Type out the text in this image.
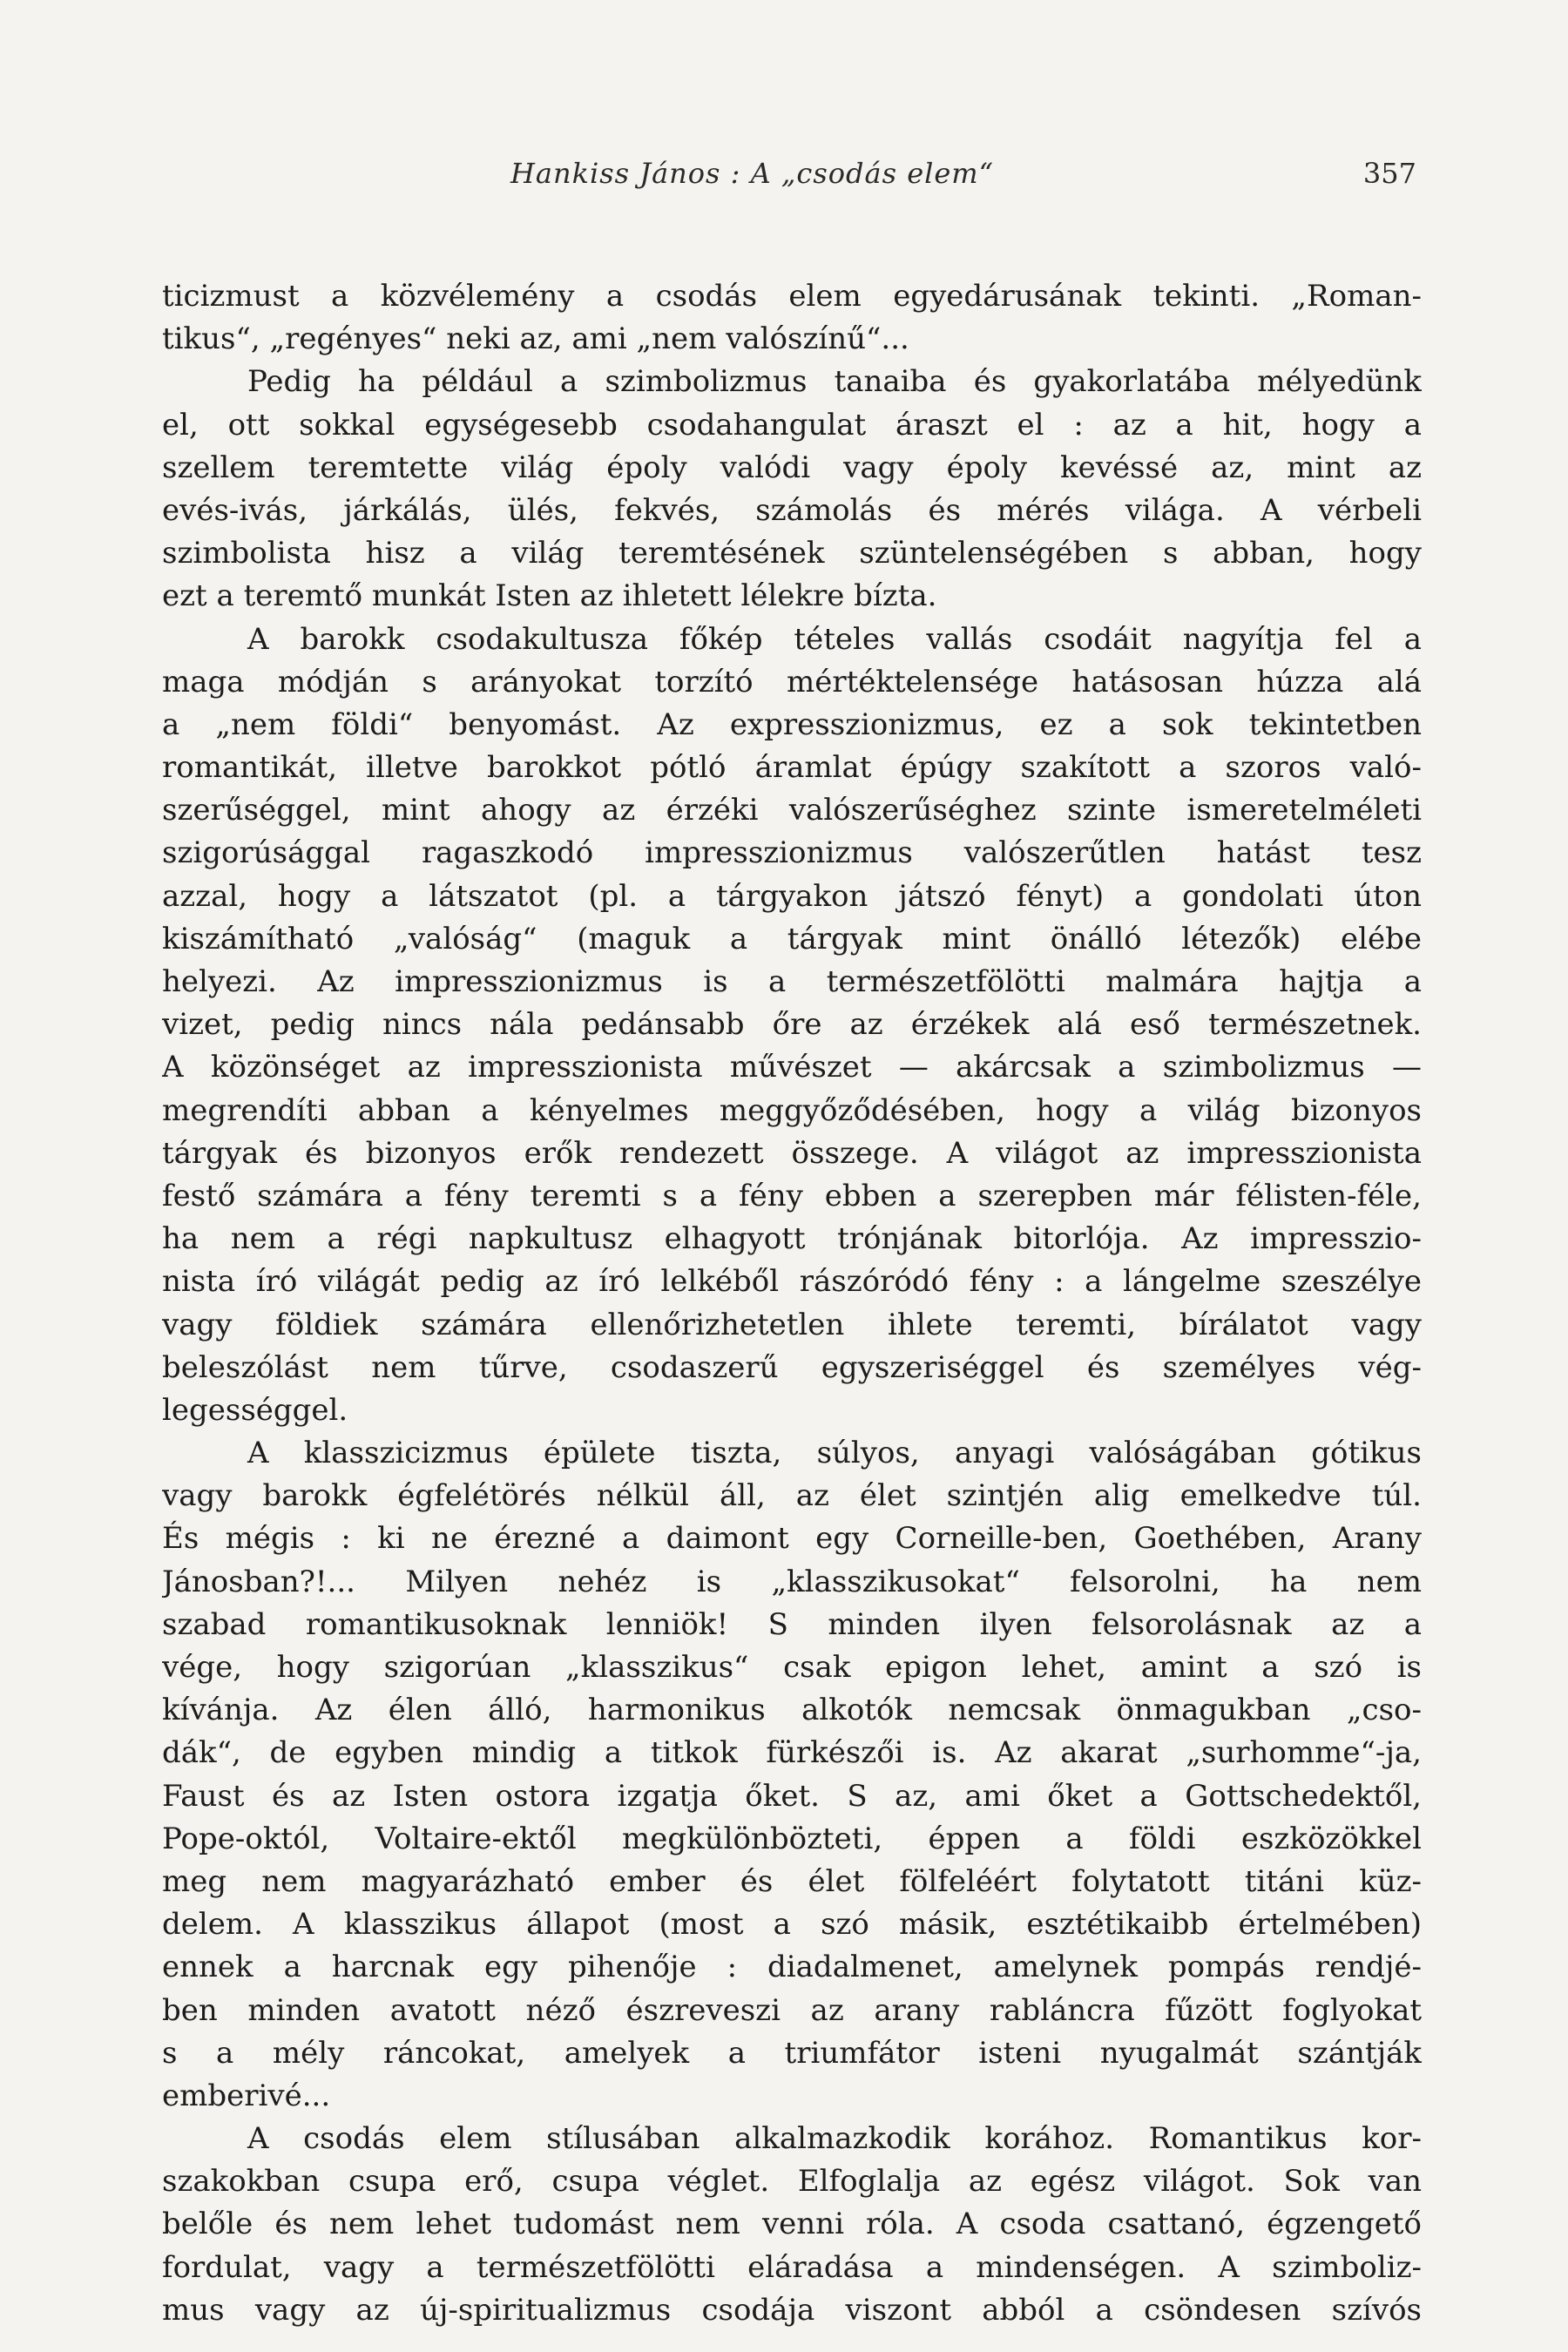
Hankiss János : A „csodás elem“	357
ticizmust a közvélemény a csodás elem egyedárusának tekinti. „Roman-
tikus“, „regényes“ neki az, ami „nem valószínű“...
Pedig ha például a szimbolizmus tanaiba és gyakorlatába mélyedünk
el, ott sokkal egységesebb csodahangulat áraszt el : az a hit, hogy a
szellem teremtette világ époly valódi vagy époly kevéssé az, mint az
evés-ivás, járkálás, ülés, fekvés, számolás és mérés világa. A vérbeli
szimbolista hisz a világ teremtésének szüntelenségében s abban, hogy
ezt a teremtő munkát Isten az ihletett lélekre bízta.
A barokk csodakultusza főkép tételes vallás csodáit nagyítja fel a
maga módján s arányokat torzító mértéktelensége hatásosan húzza alá
a „nem földi“ benyomást. Az expresszionizmus, ez a sok tekintetben
romantikát, illetve barokkot pótló áramlat épúgy szakított a szoros való-
szerűséggel, mint ahogy az érzéki valószerűséghez szinte ismeretelméleti
szigorúsággal ragaszkodó impresszionizmus valószerűtlen hatást tesz
azzal, hogy a látszatot (pl. a tárgyakon játszó fényt) a gondolati úton
kiszámítható „valóság“ (maguk a tárgyak mint önálló létezők) elébe
helyezi. Az impresszionizmus is a természetfölötti malmára hajtja a
vizet, pedig nincs nála pedánsabb őre az érzékek alá eső természetnek.
A közönséget az impresszionista művészet — akárcsak a szimbolizmus —
megrendíti abban a kényelmes meggyőződésében, hogy a világ bizonyos
tárgyak és bizonyos erők rendezett összege. A világot az impresszionista
festő számára a fény teremti s a fény ebben a szerepben már félisten-féle,
ha nem a régi napkultusz elhagyott trónjának bitorlója. Az impresszio-
nista író világát pedig az író lelkéből rászóródó fény : a lángelme szeszélye
vagy földiek számára ellenőrizhetetlen ihlete teremti, bírálatot vagy
beleszólást nem tűrve, csodaszerű egyszeriséggel és személyes vég-
legességgel.
A klasszicizmus épülete tiszta, súlyos, anyagi valóságában gótikus
vagy barokk égfelétörés nélkül áll, az élet szintjén alig emelkedve túl.
És mégis : ki ne érezné a daimont egy Corneille-ben, Goethében, Arany
Jánosban?!... Milyen nehéz is „klasszikusokat“ felsorolni, ha nem
szabad romantikusoknak lenniök! S minden ilyen felsorolásnak az a
vége, hogy szigorúan „klasszikus“ csak epigon lehet, amint a szó is
kívánja. Az élen álló, harmonikus alkotók nemcsak önmagukban „cso-
dák“, de egyben mindig a titkok fürkészői is. Az akarat „surhomme“-ja,
Faust és az Isten ostora izgatja őket. S az, ami őket a Gottschedektől,
Pope-októl, Voltaire-ektől megkülönbözteti, éppen a földi eszközökkel
meg nem magyarázható ember és élet fölfeléért folytatott titáni küz-
delem. A klasszikus állapot (most a szó másik, esztétikaibb értelmében)
ennek a harcnak egy pihenője : diadalmenet, amelynek pompás rendjé-
ben minden avatott néző észreveszi az arany rabláncra fűzött foglyokat
s a mély ráncokat, amelyek a triumfátor isteni nyugalmát szántják
emberivé...
A csodás elem stílusában alkalmazkodik korához. Romantikus kor-
szakokban csupa erő, csupa véglet. Elfoglalja az egész világot. Sok van
belőle és nem lehet tudomást nem venni róla. A csoda csattanó, égzengető
fordulat, vagy a természetfölötti eláradása a mindenségen. A szimboliz-
mus vagy az új-spiritualizmus csodája viszont abból a csöndesen szívós
